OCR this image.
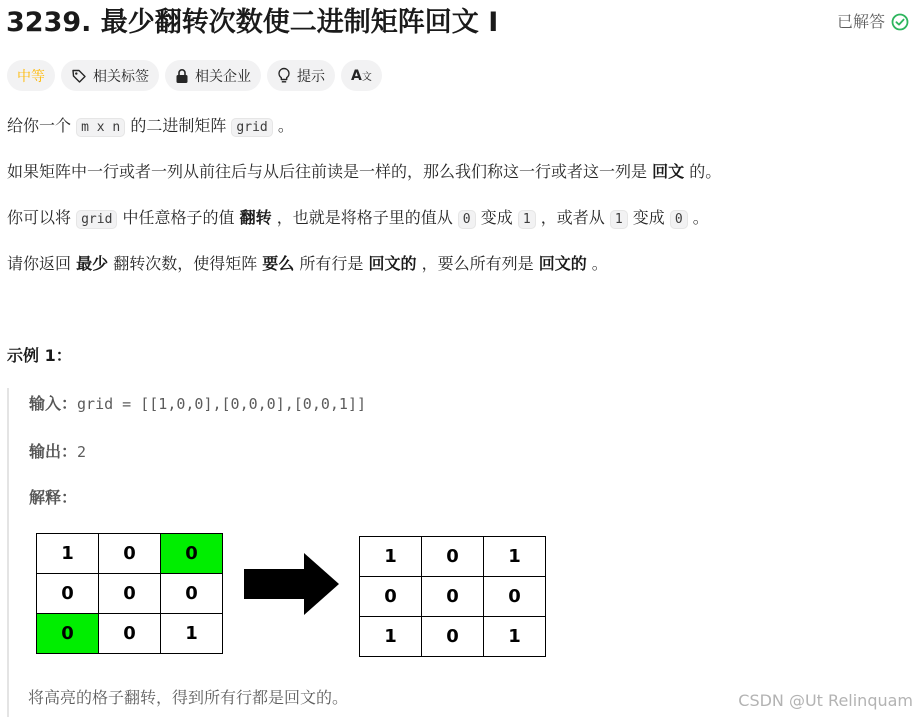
3239. 最少翻转次数使二进制矩阵回文 I	已解答
中等	相关标签	相关企业	提示 A 文
给你一个 m x n 的二进制矩阵 grid 。
如果矩阵中一行或者一列从前往后与从后往前读是一样的，那么我们称这一行或者这一列是 回文 的。
你可以将 grid 中任意格子的值 翻转 ，也就是将格子里的值从 0 变成 1 ，或者从 1 变成 0 。
请你返回 最少 翻转次数，使得矩阵 要么 所有行是 回文的 ，要么所有列是 回文的 。
示例 1：
输入：grid = [[1,0,0],[0,0,0],[0,0,1]]
输出：2
解释：
1	0	0
0	0	0
0	0	1
1	0	1
0	0	0
1	0	1
将高亮的格子翻转，得到所有行都是回文的。	CSDN @Ut Relinquam
